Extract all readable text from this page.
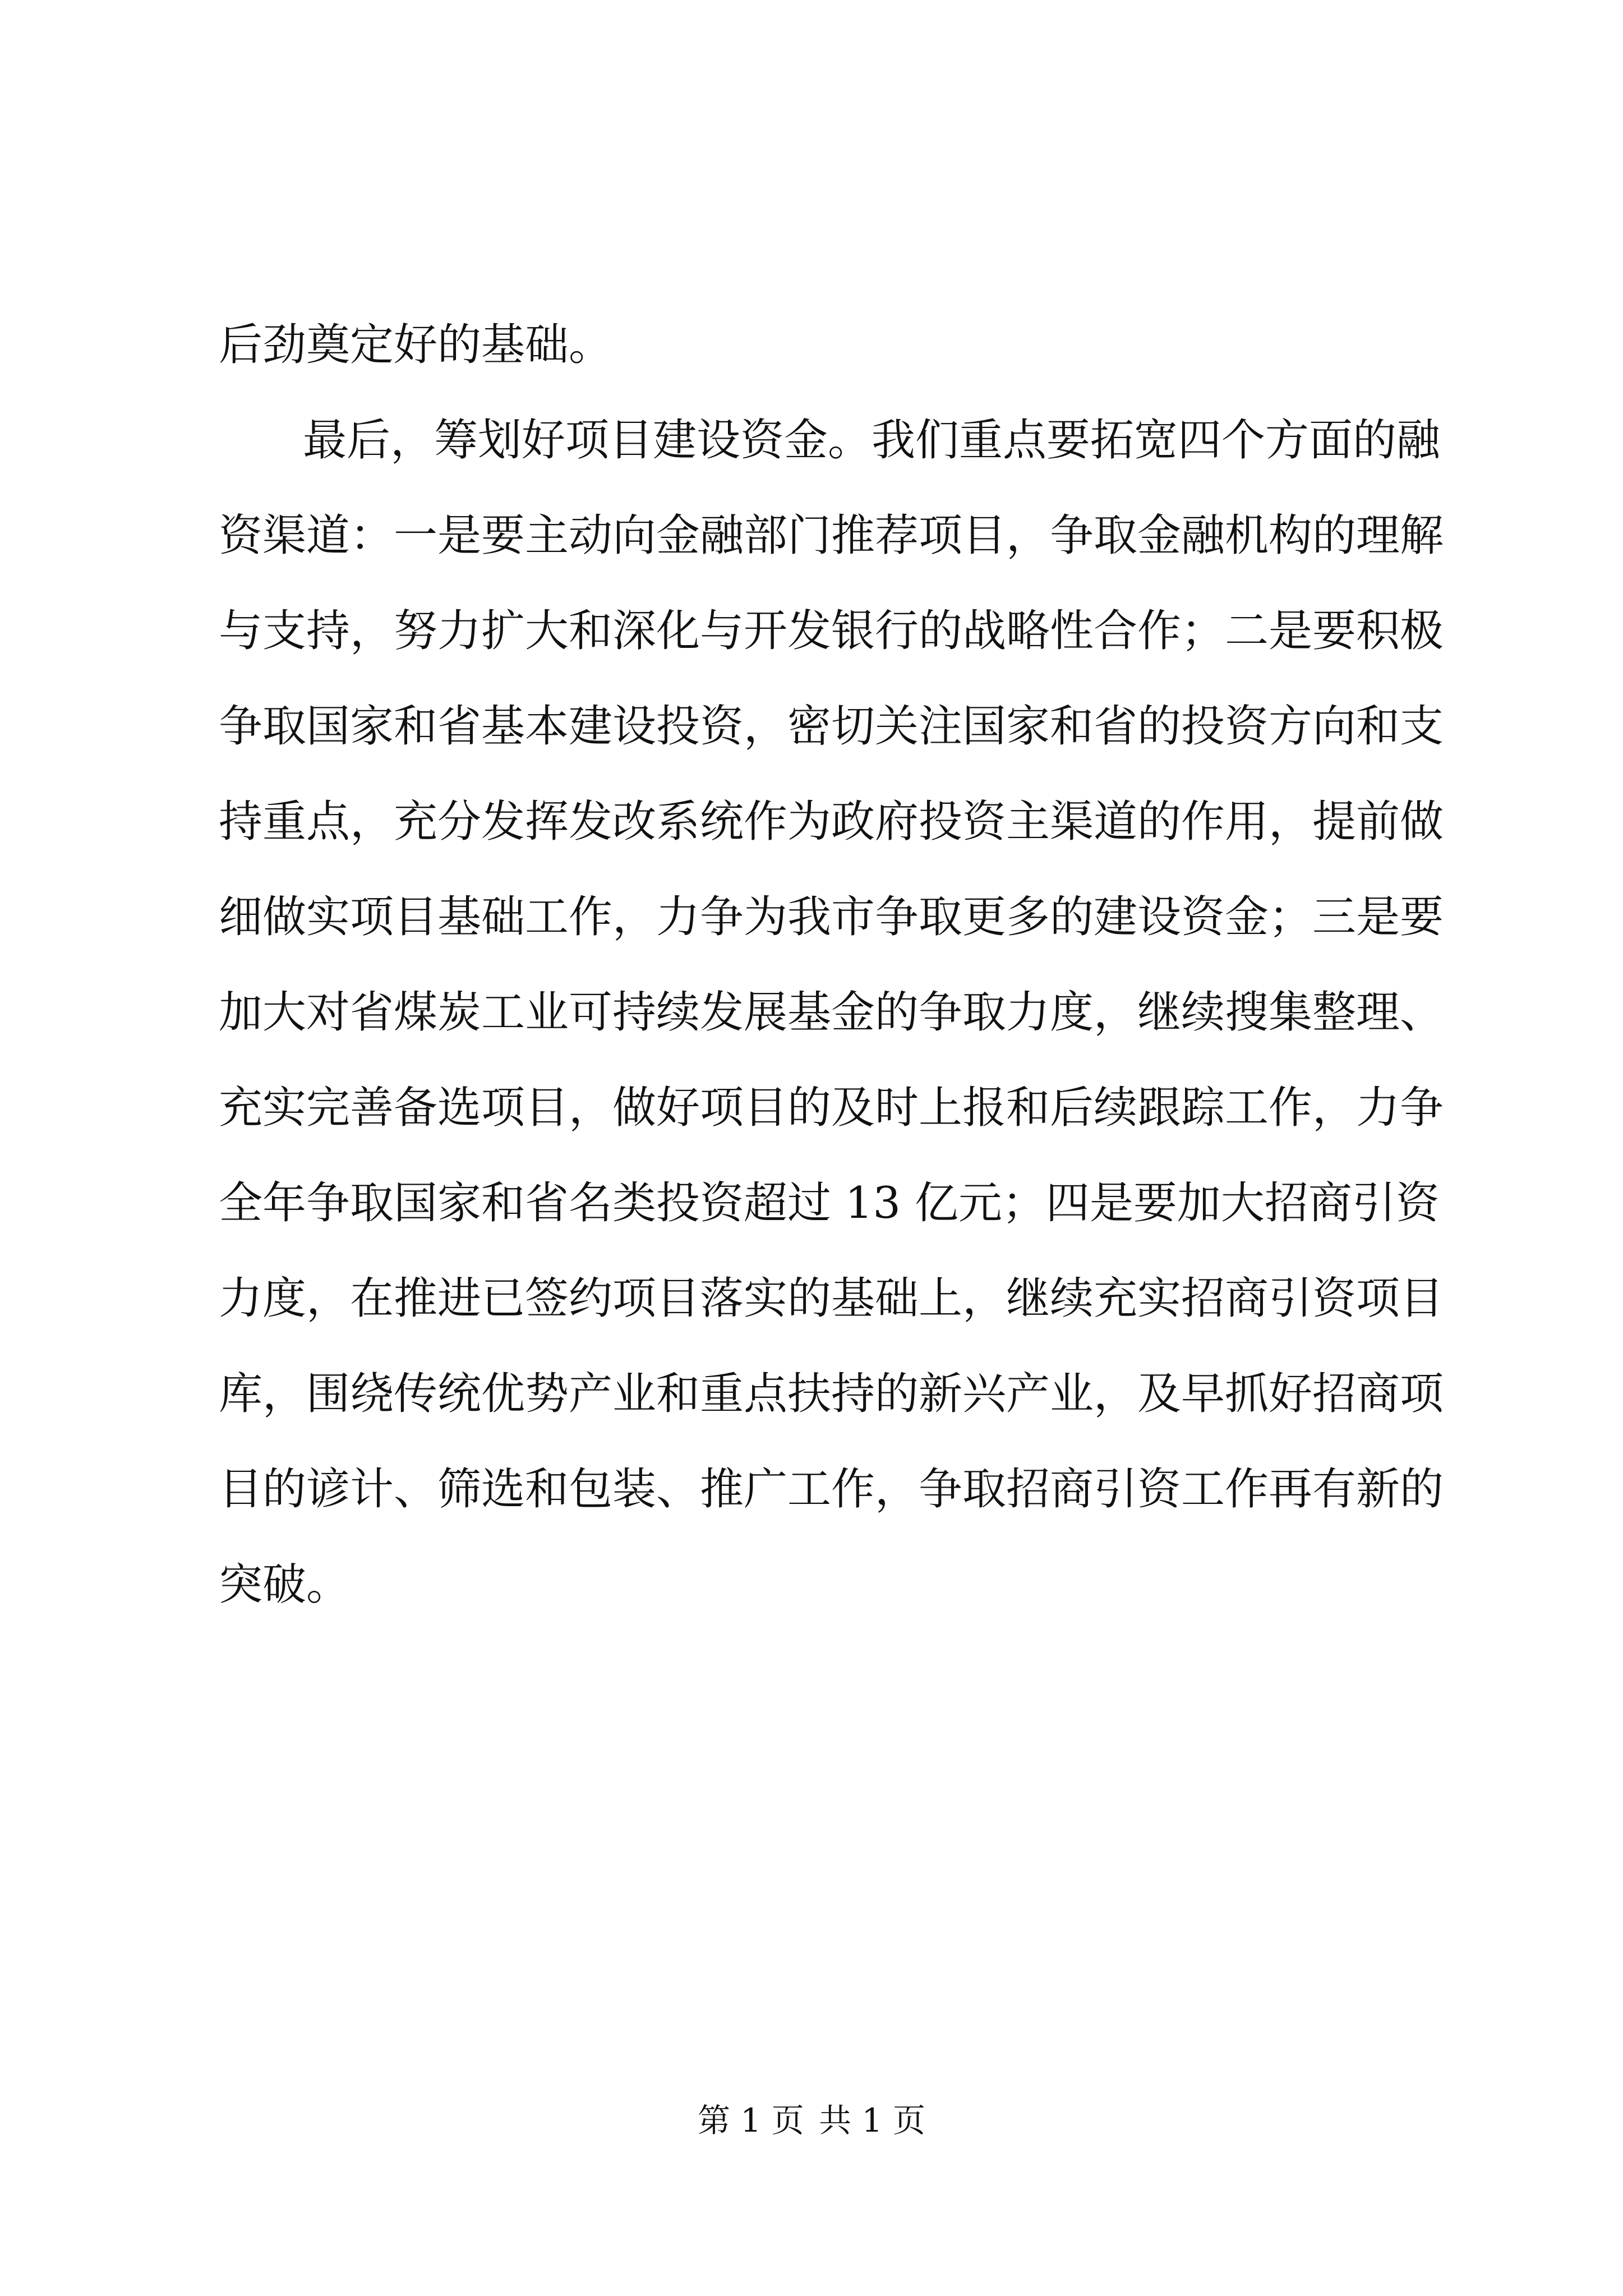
后劲奠定好的基础。
最后，筹划好项目建设资金。我们重点要拓宽四个方面的融
资渠道：一是要主动向金融部门推荐项目，争取金融机构的理解
与支持，努力扩大和深化与开发银行的战略性合作；二是要积极
争取国家和省基本建设投资，密切关注国家和省的投资方向和支
持重点，充分发挥发改系统作为政府投资主渠道的作用，提前做
细做实项目基础工作，力争为我市争取更多的建设资金；三是要
加大对省煤炭工业可持续发展基金的争取力度，继续搜集整理、
充实完善备选项目，做好项目的及时上报和后续跟踪工作，力争
全年争取国家和省名类投资超过 13 亿元；四是要加大招商引资
力度，在推进已签约项目落实的基础上，继续充实招商引资项目
库，围绕传统优势产业和重点扶持的新兴产业，及早抓好招商项
目的谚计、筛选和包装、推广工作，争取招商引资工作再有新的
突破。
第 1 页 共 1 页
